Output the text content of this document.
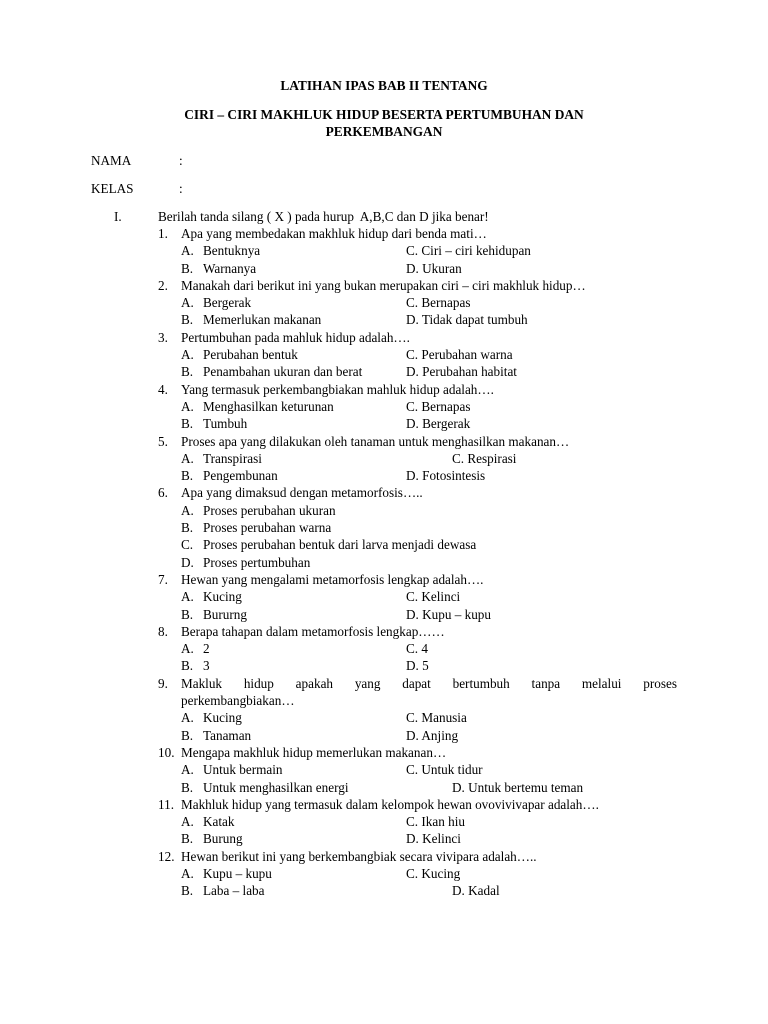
LATIHAN IPAS BAB II TENTANG
CIRI – CIRI MAKHLUK HIDUP BESERTA PERTUMBUHAN DAN
PERKEMBANGAN
NAMA	:
KELAS	:
I.	Berilah tanda silang ( X ) pada hurup  A,B,C dan D jika benar!
1. Apa yang membedakan makhluk hidup dari benda mati…
A. Bentuknya	C. Ciri – ciri kehidupan
B. Warnanya	D. Ukuran
2. Manakah dari berikut ini yang bukan merupakan ciri – ciri makhluk hidup…
A. Bergerak	C. Bernapas
B. Memerlukan makanan	D. Tidak dapat tumbuh
3. Pertumbuhan pada mahluk hidup adalah….
A. Perubahan bentuk	C. Perubahan warna
B. Penambahan ukuran dan berat	D. Perubahan habitat
4. Yang termasuk perkembangbiakan mahluk hidup adalah….
A. Menghasilkan keturunan	C. Bernapas
B. Tumbuh	D. Bergerak
5. Proses apa yang dilakukan oleh tanaman untuk menghasilkan makanan…
A. Transpirasi	C. Respirasi
B. Pengembunan	D. Fotosintesis
6. Apa yang dimaksud dengan metamorfosis…..
A. Proses perubahan ukuran
B. Proses perubahan warna
C. Proses perubahan bentuk dari larva menjadi dewasa
D. Proses pertumbuhan
7. Hewan yang mengalami metamorfosis lengkap adalah….
A. Kucing	C. Kelinci
B. Bururng	D. Kupu – kupu
8. Berapa tahapan dalam metamorfosis lengkap……
A. 2	C. 4
B. 3	D. 5
9. Makluk hidup apakah yang dapat bertumbuh tanpa melalui proses
perkembangbiakan…
A. Kucing	C. Manusia
B. Tanaman	D. Anjing
10. Mengapa makhluk hidup memerlukan makanan…
A. Untuk bermain	C. Untuk tidur
B. Untuk menghasilkan energi	D. Untuk bertemu teman
11. Makhluk hidup yang termasuk dalam kelompok hewan ovovivivapar adalah….
A. Katak	C. Ikan hiu
B. Burung	D. Kelinci
12. Hewan berikut ini yang berkembangbiak secara vivipara adalah…..
A. Kupu – kupu	C. Kucing
B. Laba – laba	D. Kadal
